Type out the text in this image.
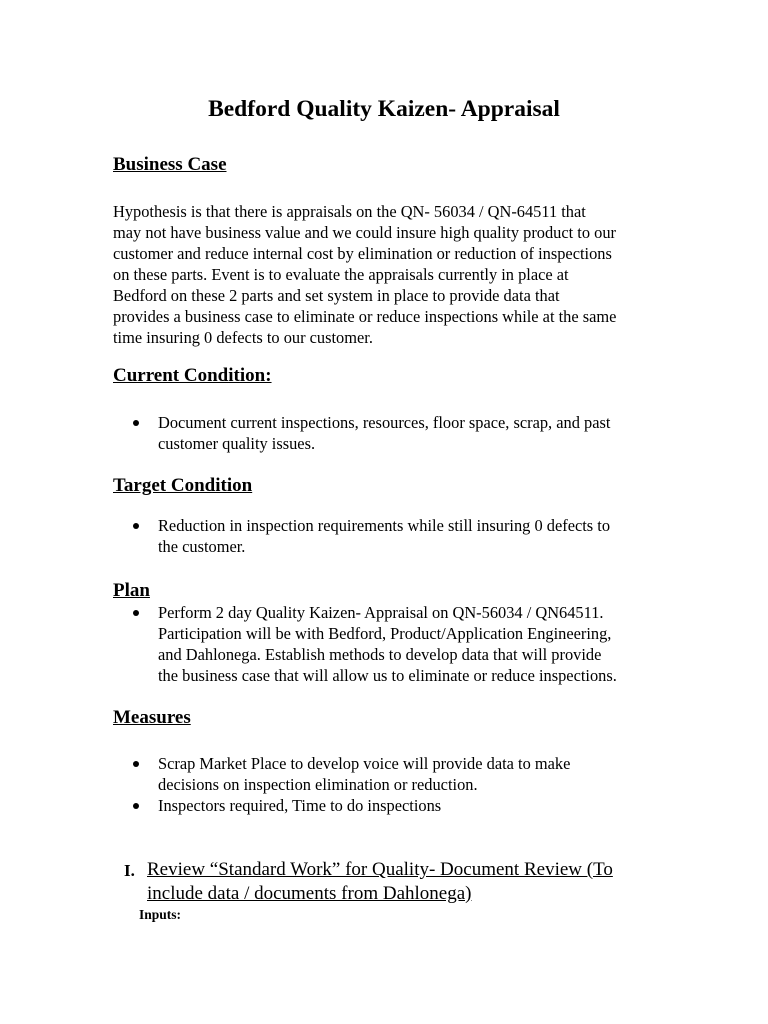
Bedford Quality Kaizen- Appraisal
Business Case
Hypothesis is that there is appraisals on the QN- 56034 / QN-64511 that
may not have business value and we could insure high quality product to our
customer and reduce internal cost by elimination or reduction of inspections
on these parts. Event is to evaluate the appraisals currently in place at
Bedford on these 2 parts and set system in place to provide data that
provides a business case to eliminate or reduce inspections while at the same
time insuring 0 defects to our customer.
Current Condition:
Document current inspections, resources, floor space, scrap, and past
customer quality issues.
Target Condition
Reduction in inspection requirements while still insuring 0 defects to
the customer.
Plan
Perform 2 day Quality Kaizen- Appraisal on QN-56034 / QN64511.
Participation will be with Bedford, Product/Application Engineering,
and Dahlonega. Establish methods to develop data that will provide
the business case that will allow us to eliminate or reduce inspections.
Measures
Scrap Market Place to develop voice will provide data to make
decisions on inspection elimination or reduction.
Inspectors required, Time to do inspections
I. Review “Standard Work” for Quality- Document Review (To
include data / documents from Dahlonega)
Inputs:
